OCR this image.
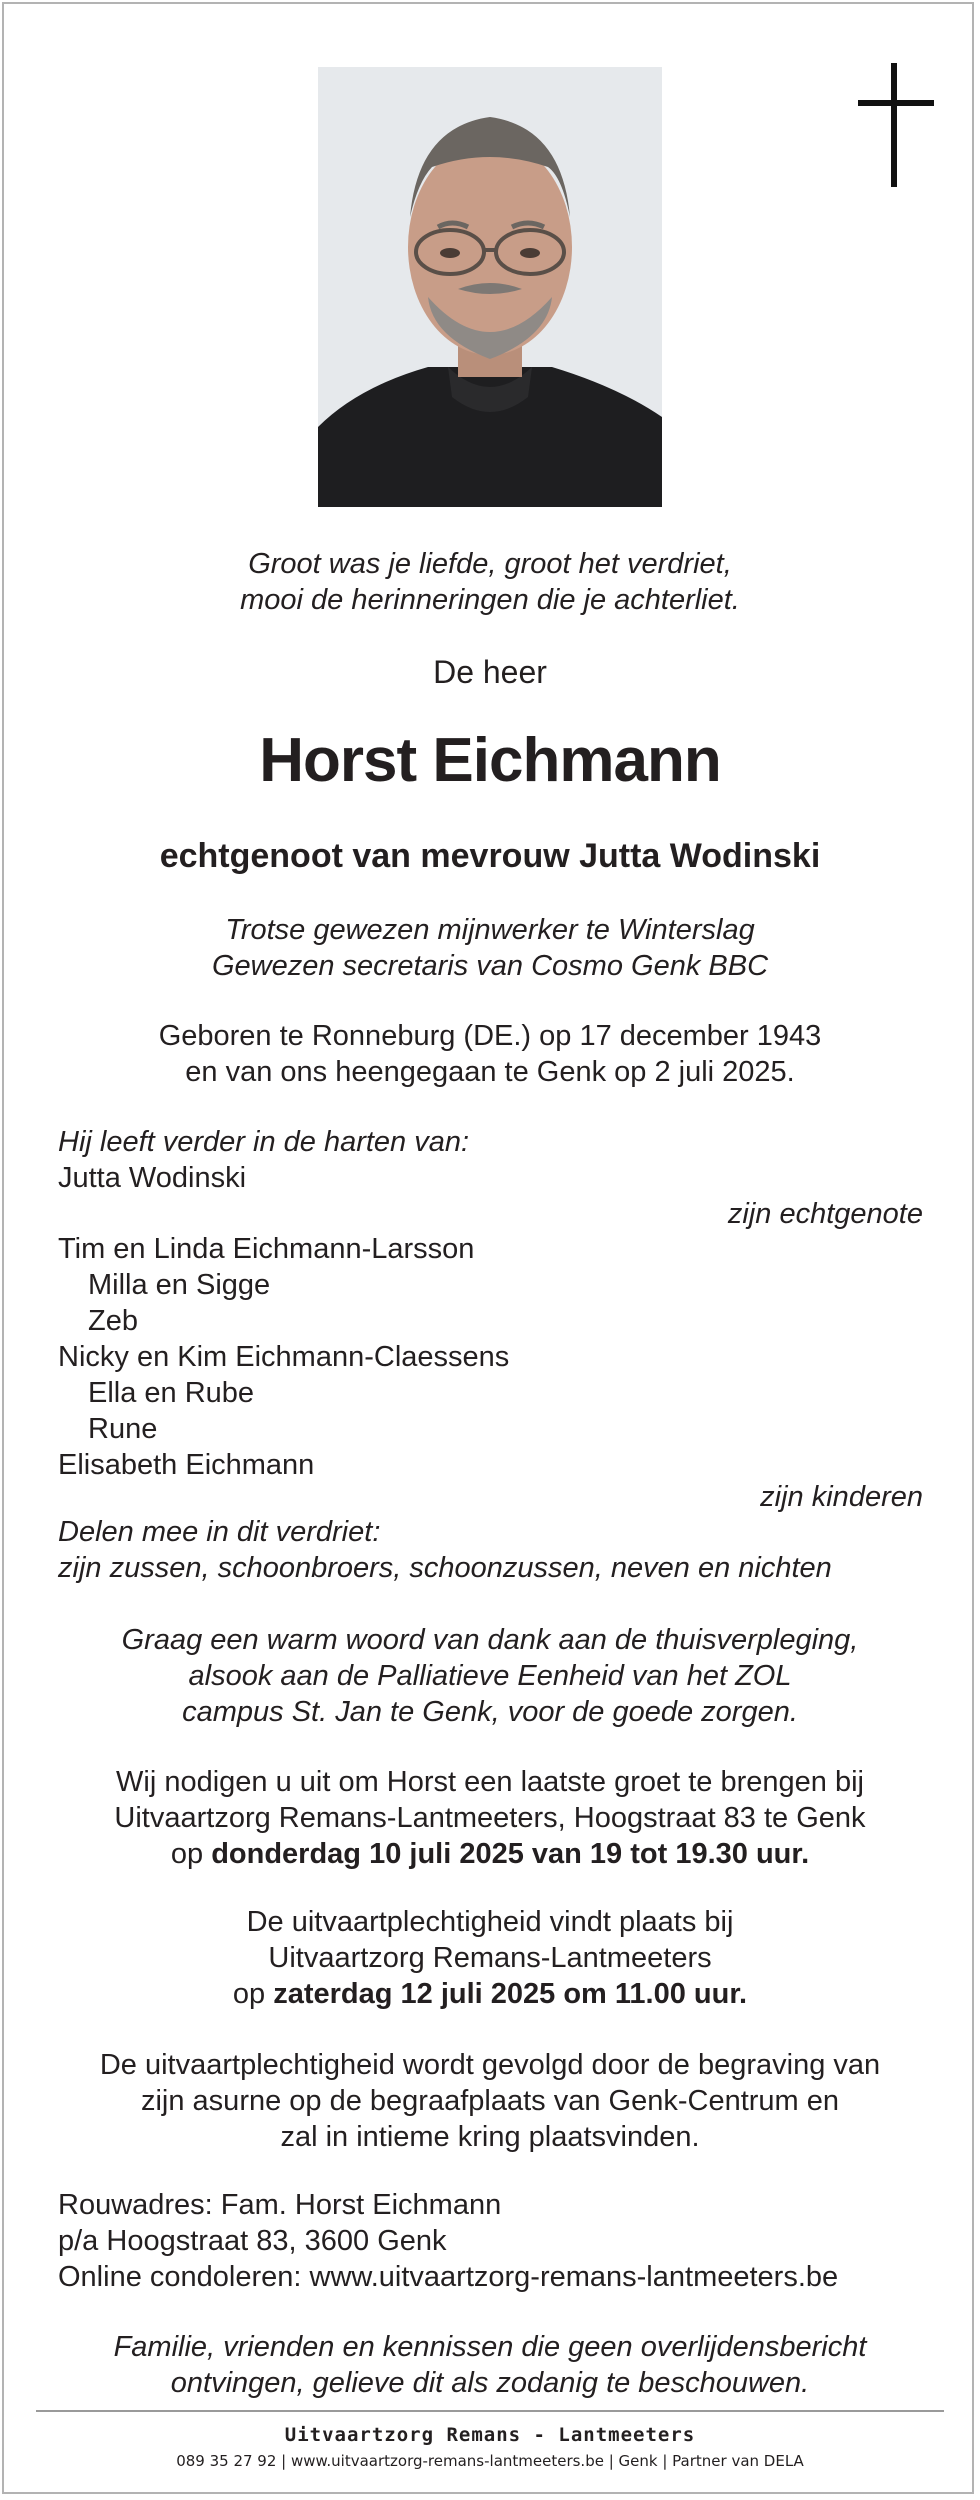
Groot was je liefde, groot het verdriet,
mooi de herinneringen die je achterliet.
De heer
Horst Eichmann
echtgenoot van mevrouw Jutta Wodinski
Trotse gewezen mijnwerker te Winterslag
Gewezen secretaris van Cosmo Genk BBC
Geboren te Ronneburg (DE.) op 17 december 1943
en van ons heengegaan te Genk op 2 juli 2025.
Hij leeft verder in de harten van:
Jutta Wodinski
zijn echtgenote
Tim en Linda Eichmann-Larsson
Milla en Sigge
Zeb
Nicky en Kim Eichmann-Claessens
Ella en Rube
Rune
Elisabeth Eichmann
zijn kinderen
Delen mee in dit verdriet:
zijn zussen, schoonbroers, schoonzussen, neven en nichten
Graag een warm woord van dank aan de thuisverpleging,
alsook aan de Palliatieve Eenheid van het ZOL
campus St. Jan te Genk, voor de goede zorgen.
Wij nodigen u uit om Horst een laatste groet te brengen bij
Uitvaartzorg Remans-Lantmeeters, Hoogstraat 83 te Genk
op donderdag 10 juli 2025 van 19 tot 19.30 uur.
De uitvaartplechtigheid vindt plaats bij
Uitvaartzorg Remans-Lantmeeters
op zaterdag 12 juli 2025 om 11.00 uur.
De uitvaartplechtigheid wordt gevolgd door de begraving van
zijn asurne op de begraafplaats van Genk-Centrum en
zal in intieme kring plaatsvinden.
Rouwadres: Fam. Horst Eichmann
p/a Hoogstraat 83, 3600 Genk
Online condoleren: www.uitvaartzorg-remans-lantmeeters.be
Familie, vrienden en kennissen die geen overlijdensbericht
ontvingen, gelieve dit als zodanig te beschouwen.
Uitvaartzorg Remans - Lantmeeters
089 35 27 92 | www.uitvaartzorg-remans-lantmeeters.be | Genk | Partner van DELA
